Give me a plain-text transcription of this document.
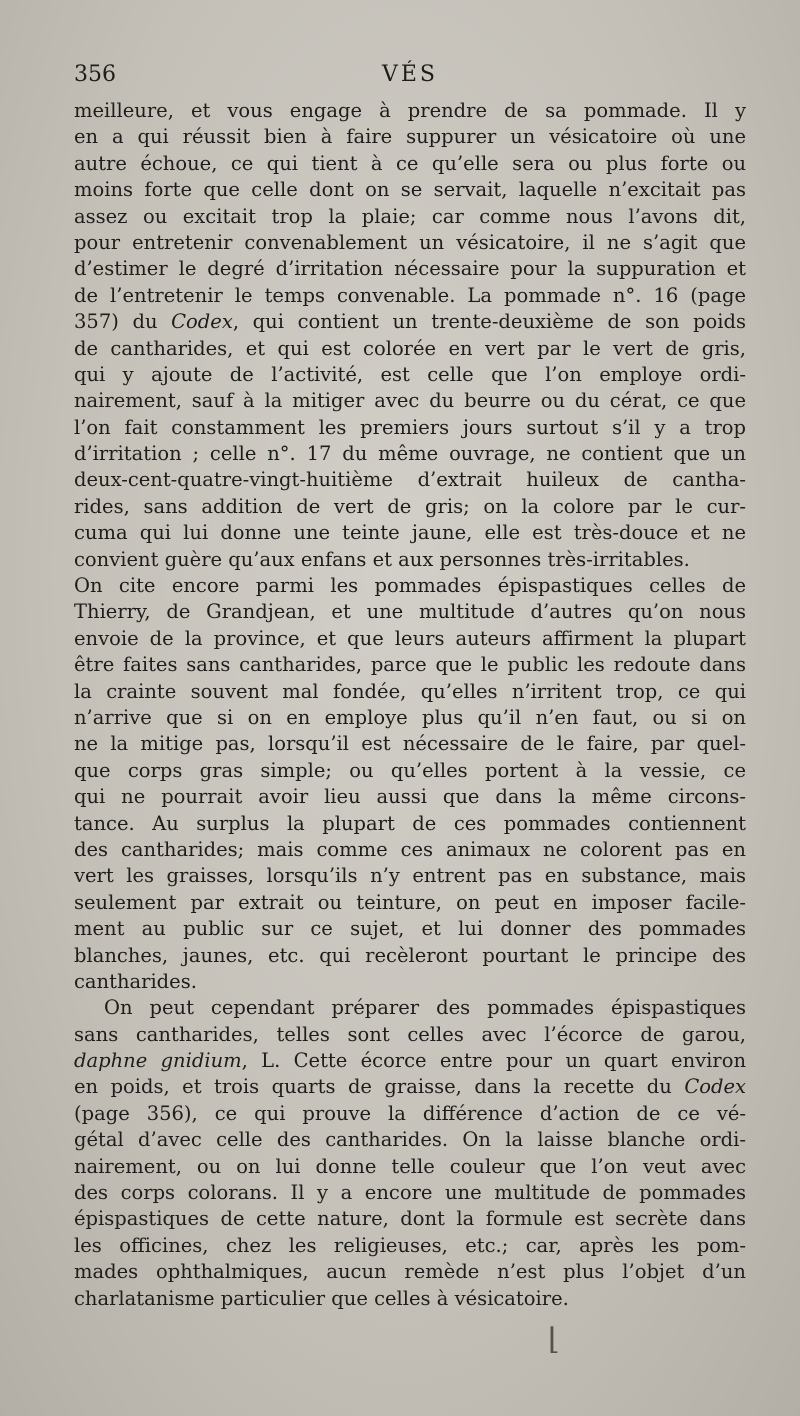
356	VÉS
meilleure, et vous engage à prendre de sa pommade. Il y
en a qui réussit bien à faire suppurer un vésicatoire où une
autre échoue, ce qui tient à ce qu’elle sera ou plus forte ou
moins forte que celle dont on se servait, laquelle n’excitait pas
assez ou excitait trop la plaie; car comme nous l’avons dit,
pour entretenir convenablement un vésicatoire, il ne s’agit que
d’estimer le degré d’irritation nécessaire pour la suppuration et
de l’entretenir le temps convenable. La pommade n°. 16 (page
357) du Codex, qui contient un trente-deuxième de son poids
de cantharides, et qui est colorée en vert par le vert de gris,
qui y ajoute de l’activité, est celle que l’on employe ordi-
nairement, sauf à la mitiger avec du beurre ou du cérat, ce que
l’on fait constamment les premiers jours surtout s’il y a trop
d’irritation ; celle n°. 17 du même ouvrage, ne contient que un
deux-cent-quatre-vingt-huitième d’extrait huileux de cantha-
rides, sans addition de vert de gris; on la colore par le cur-
cuma qui lui donne une teinte jaune, elle est très-douce et ne
convient guère qu’aux enfans et aux personnes très-irritables.
On cite encore parmi les pommades épispastiques celles de
Thierry, de Grandjean, et une multitude d’autres qu’on nous
envoie de la province, et que leurs auteurs affirment la plupart
être faites sans cantharides, parce que le public les redoute dans
la crainte souvent mal fondée, qu’elles n’irritent trop, ce qui
n’arrive que si on en employe plus qu’il n’en faut, ou si on
ne la mitige pas, lorsqu’il est nécessaire de le faire, par quel-
que corps gras simple; ou qu’elles portent à la vessie, ce
qui ne pourrait avoir lieu aussi que dans la même circons-
tance. Au surplus la plupart de ces pommades contiennent
des cantharides; mais comme ces animaux ne colorent pas en
vert les graisses, lorsqu’ils n’y entrent pas en substance, mais
seulement par extrait ou teinture, on peut en imposer facile-
ment au public sur ce sujet, et lui donner des pommades
blanches, jaunes, etc. qui recèleront pourtant le principe des
cantharides.
On peut cependant préparer des pommades épispastiques
sans cantharides, telles sont celles avec l’écorce de garou,
daphne gnidium, L. Cette écorce entre pour un quart environ
en poids, et trois quarts de graisse, dans la recette du Codex
(page 356), ce qui prouve la différence d’action de ce vé-
gétal d’avec celle des cantharides. On la laisse blanche ordi-
nairement, ou on lui donne telle couleur que l’on veut avec
des corps colorans. Il y a encore une multitude de pommades
épispastiques de cette nature, dont la formule est secrète dans
les officines, chez les religieuses, etc.; car, après les pom-
mades ophthalmiques, aucun remède n’est plus l’objet d’un
charlatanisme particulier que celles à vésicatoire.
⌊
